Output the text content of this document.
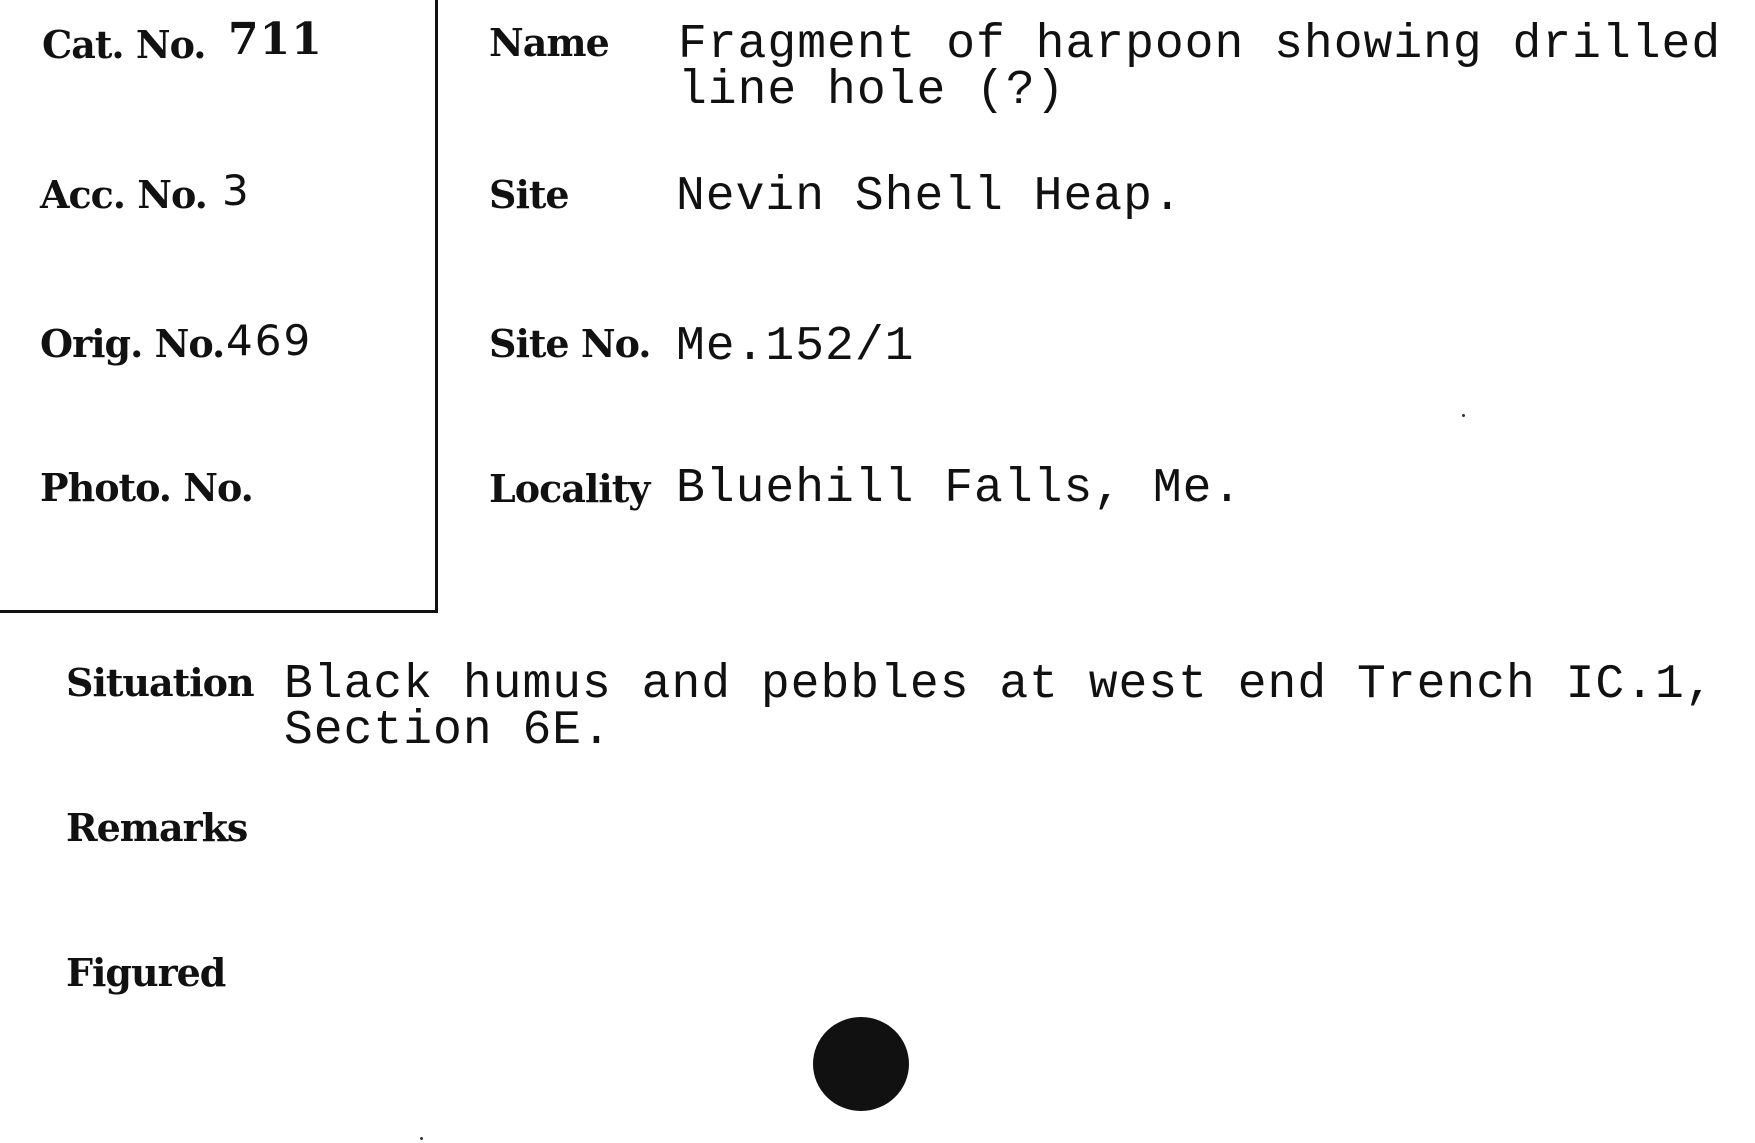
Cat. No. 711
Acc. No. 3
Orig. No. 469
Photo. No.
Name Fragment of harpoon showing drilled
line hole (?)
Site Nevin Shell Heap.
Site No. Me.152/1
Locality Bluehill Falls, Me.
Situation Black humus and pebbles at west end Trench IC.1,
Section 6E.
Remarks
Figured
